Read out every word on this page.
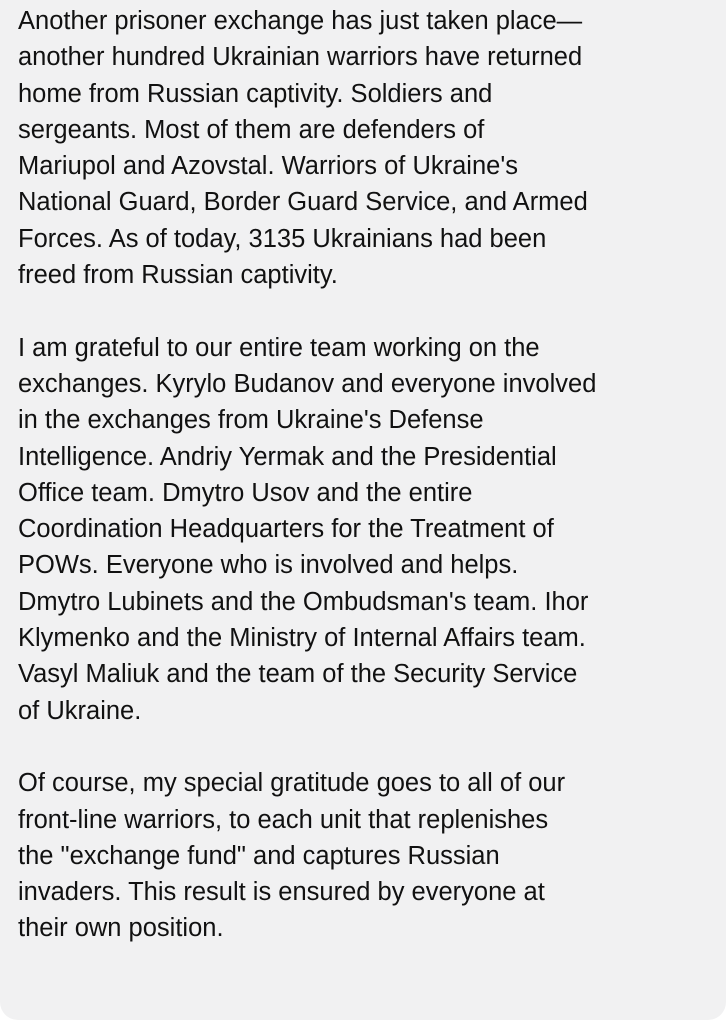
Another prisoner exchange has just taken place—
another hundred Ukrainian warriors have returned
home from Russian captivity. Soldiers and
sergeants. Most of them are defenders of
Mariupol and Azovstal. Warriors of Ukraine's
National Guard, Border Guard Service, and Armed
Forces. As of today, 3135 Ukrainians had been
freed from Russian captivity.
I am grateful to our entire team working on the
exchanges. Kyrylo Budanov and everyone involved
in the exchanges from Ukraine's Defense
Intelligence. Andriy Yermak and the Presidential
Office team. Dmytro Usov and the entire
Coordination Headquarters for the Treatment of
POWs. Everyone who is involved and helps.
Dmytro Lubinets and the Ombudsman's team. Ihor
Klymenko and the Ministry of Internal Affairs team.
Vasyl Maliuk and the team of the Security Service
of Ukraine.
Of course, my special gratitude goes to all of our
front-line warriors, to each unit that replenishes
the "exchange fund" and captures Russian
invaders. This result is ensured by everyone at
their own position.
